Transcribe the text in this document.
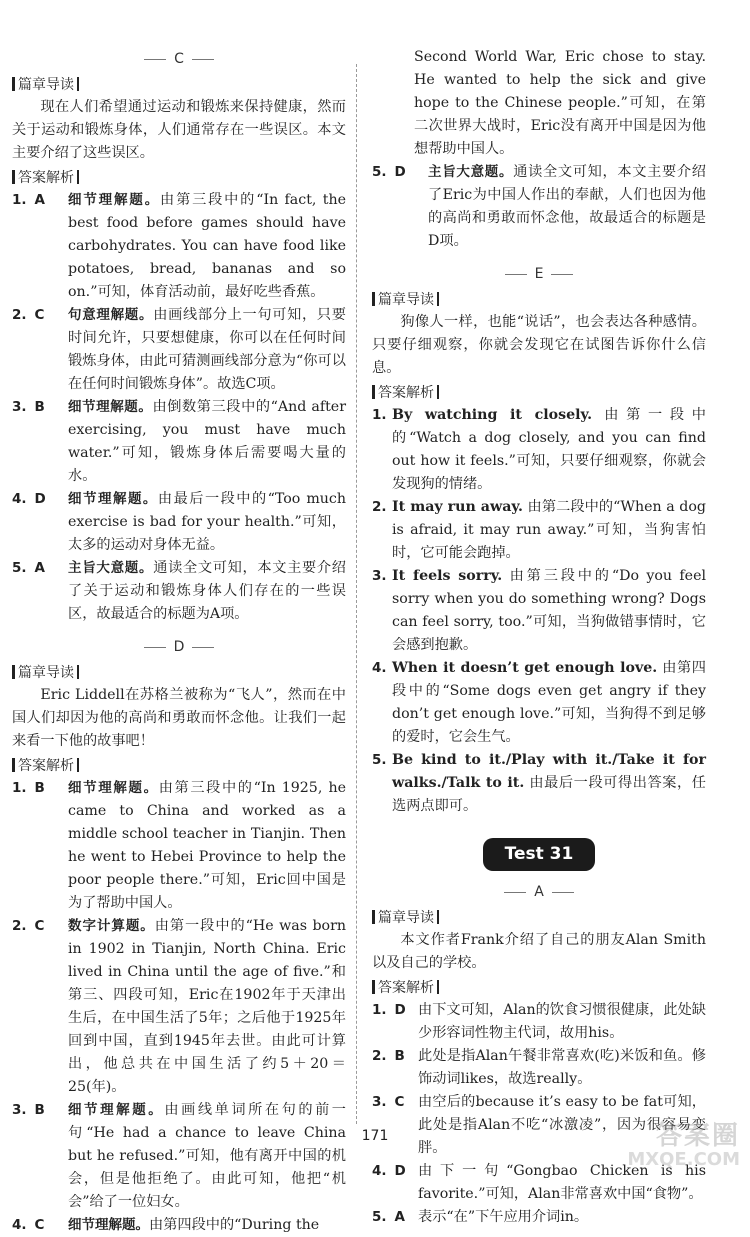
C
篇章导读
现在人们希望通过运动和锻炼来保持健康，然而关于运动和锻炼身体，人们通常存在一些误区。本文主要介绍了这些误区。
答案解析
1. A 细节理解题。由第三段中的“In fact, the best food before games should have carbohydrates. You can have food like potatoes, bread, bananas and so on.”可知，体育活动前，最好吃些香蕉。
2. C 句意理解题。由画线部分上一句可知，只要时间允许，只要想健康，你可以在任何时间锻炼身体，由此可猜测画线部分意为“你可以在任何时间锻炼身体”。故选C项。
3. B 细节理解题。由倒数第三段中的“And after exercising, you must have much water.”可知，锻炼身体后需要喝大量的水。
4. D 细节理解题。由最后一段中的“Too much exercise is bad for your health.”可知，太多的运动对身体无益。
5. A 主旨大意题。通读全文可知，本文主要介绍了关于运动和锻炼身体人们存在的一些误区，故最适合的标题为A项。
D
篇章导读
Eric Liddell在苏格兰被称为“飞人”，然而在中国人们却因为他的高尚和勇敢而怀念他。让我们一起来看一下他的故事吧！
答案解析
1. B 细节理解题。由第三段中的“In 1925, he came to China and worked as a middle school teacher in Tianjin. Then he went to Hebei Province to help the poor people there.”可知，Eric回中国是为了帮助中国人。
2. C 数字计算题。由第一段中的“He was born in 1902 in Tianjin, North China. Eric lived in China until the age of five.”和第三、四段可知，Eric在1902年于天津出生后，在中国生活了5年；之后他于1925年回到中国，直到1945年去世。由此可计算出，他总共在中国生活了约5＋20＝25(年)。
3. B 细节理解题。由画线单词所在句的前一句“He had a chance to leave China but he refused.”可知，他有离开中国的机会，但是他拒绝了。由此可知，他把“机会”给了一位妇女。
4. C 细节理解题。由第四段中的“During the
Second World War, Eric chose to stay. He wanted to help the sick and give hope to the Chinese people.”可知，在第二次世界大战时，Eric没有离开中国是因为他想帮助中国人。
5. D 主旨大意题。通读全文可知，本文主要介绍了Eric为中国人作出的奉献，人们也因为他的高尚和勇敢而怀念他，故最适合的标题是D项。
E
篇章导读
狗像人一样，也能“说话”，也会表达各种感情。只要仔细观察，你就会发现它在试图告诉你什么信息。
答案解析
1. By watching it closely. 由第一段中的“Watch a dog closely, and you can find out how it feels.”可知，只要仔细观察，你就会发现狗的情绪。
2. It may run away. 由第二段中的“When a dog is afraid, it may run away.”可知，当狗害怕时，它可能会跑掉。
3. It feels sorry. 由第三段中的“Do you feel sorry when you do something wrong? Dogs can feel sorry, too.”可知，当狗做错事情时，它会感到抱歉。
4. When it doesn’t get enough love. 由第四段中的“Some dogs even get angry if they don’t get enough love.”可知，当狗得不到足够的爱时，它会生气。
5. Be kind to it./Play with it./Take it for walks./Talk to it. 由最后一段可得出答案，任选两点即可。
Test 31
A
篇章导读
本文作者Frank介绍了自己的朋友Alan Smith以及自己的学校。
答案解析
1. D 由下文可知，Alan的饮食习惯很健康，此处缺少形容词性物主代词，故用his。
2. B 此处是指Alan午餐非常喜欢(吃)米饭和鱼。修饰动词likes，故选really。
3. C 由空后的because it’s easy to be fat可知，此处是指Alan不吃“冰激凌”，因为很容易变胖。
4. D 由下一句“Gongbao Chicken is his favorite.”可知，Alan非常喜欢中国“食物”。
5. A 表示“在”下午应用介词in。
171	答案圈
MXQE.COM
